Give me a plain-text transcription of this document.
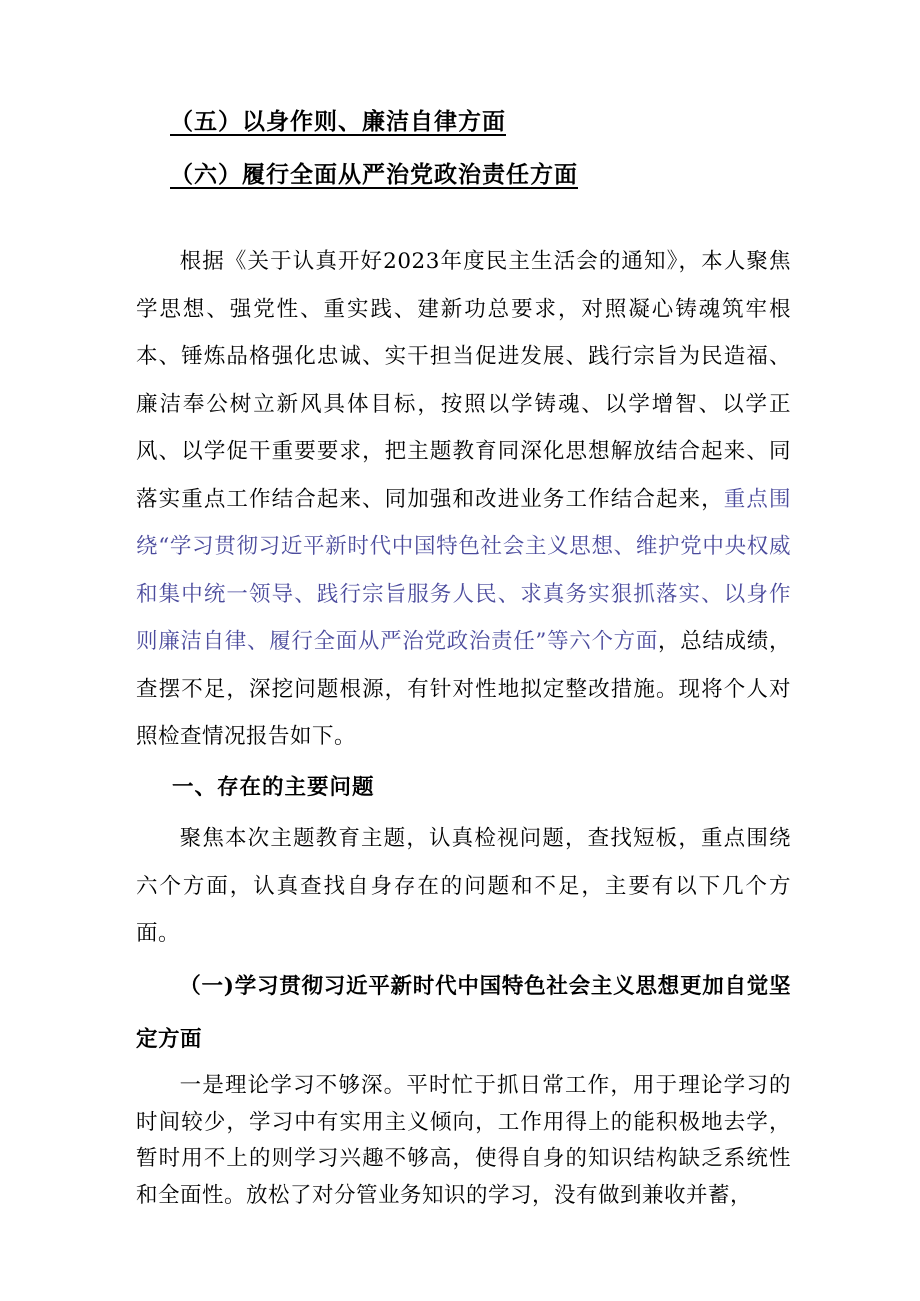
（五）以身作则、廉洁自律方面
（六）履行全面从严治党政治责任方面
根据《关于认真开好2023年度民主生活会的通知》，本人聚焦学思想、强党性、重实践、建新功总要求，对照凝心铸魂筑牢根本、锤炼品格强化忠诚、实干担当促进发展、践行宗旨为民造福、廉洁奉公树立新风具体目标，按照以学铸魂、以学增智、以学正风、以学促干重要要求，把主题教育同深化思想解放结合起来、同落实重点工作结合起来、同加强和改进业务工作结合起来，重点围绕“学习贯彻习近平新时代中国特色社会主义思想、维护党中央权威和集中统一领导、践行宗旨服务人民、求真务实狠抓落实、以身作则廉洁自律、履行全面从严治党政治责任”等六个方面，总结成绩，查摆不足，深挖问题根源，有针对性地拟定整改措施。现将个人对照检查情况报告如下。
一、存在的主要问题
聚焦本次主题教育主题，认真检视问题，查找短板，重点围绕六个方面，认真查找自身存在的问题和不足，主要有以下几个方面。
（一)学习贯彻习近平新时代中国特色社会主义思想更加自觉坚定方面
一是理论学习不够深。平时忙于抓日常工作，用于理论学习的时间较少，学习中有实用主义倾向，工作用得上的能积极地去学，暂时用不上的则学习兴趣不够高，使得自身的知识结构缺乏系统性和全面性。放松了对分管业务知识的学习，没有做到兼收并蓄，
